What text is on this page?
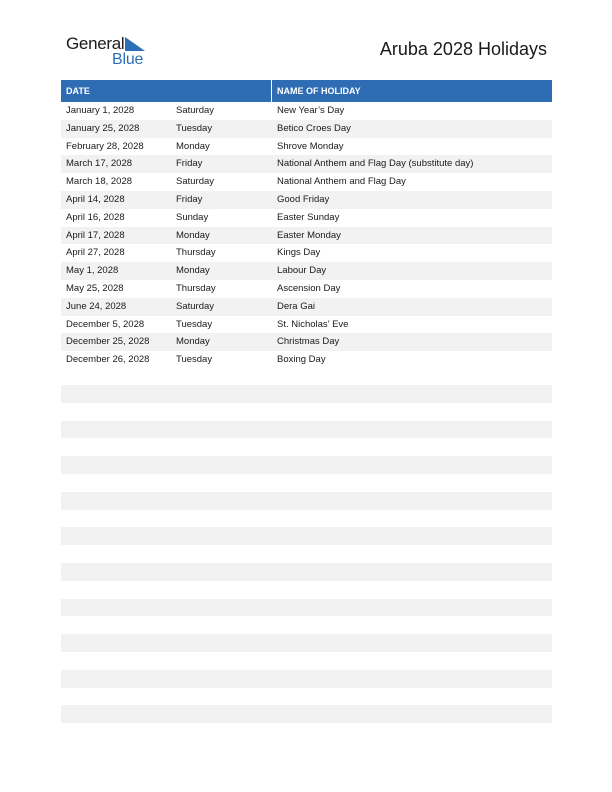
General
Blue
Aruba 2028 Holidays
DATE	NAME OF HOLIDAY
January 1, 2028	Saturday	New Year’s Day
January 25, 2028	Tuesday	Betico Croes Day
February 28, 2028	Monday	Shrove Monday
March 17, 2028	Friday	National Anthem and Flag Day (substitute day)
March 18, 2028	Saturday	National Anthem and Flag Day
April 14, 2028	Friday	Good Friday
April 16, 2028	Sunday	Easter Sunday
April 17, 2028	Monday	Easter Monday
April 27, 2028	Thursday	Kings Day
May 1, 2028	Monday	Labour Day
May 25, 2028	Thursday	Ascension Day
June 24, 2028	Saturday	Dera Gai
December 5, 2028	Tuesday	St. Nicholas’ Eve
December 25, 2028	Monday	Christmas Day
December 26, 2028	Tuesday	Boxing Day
